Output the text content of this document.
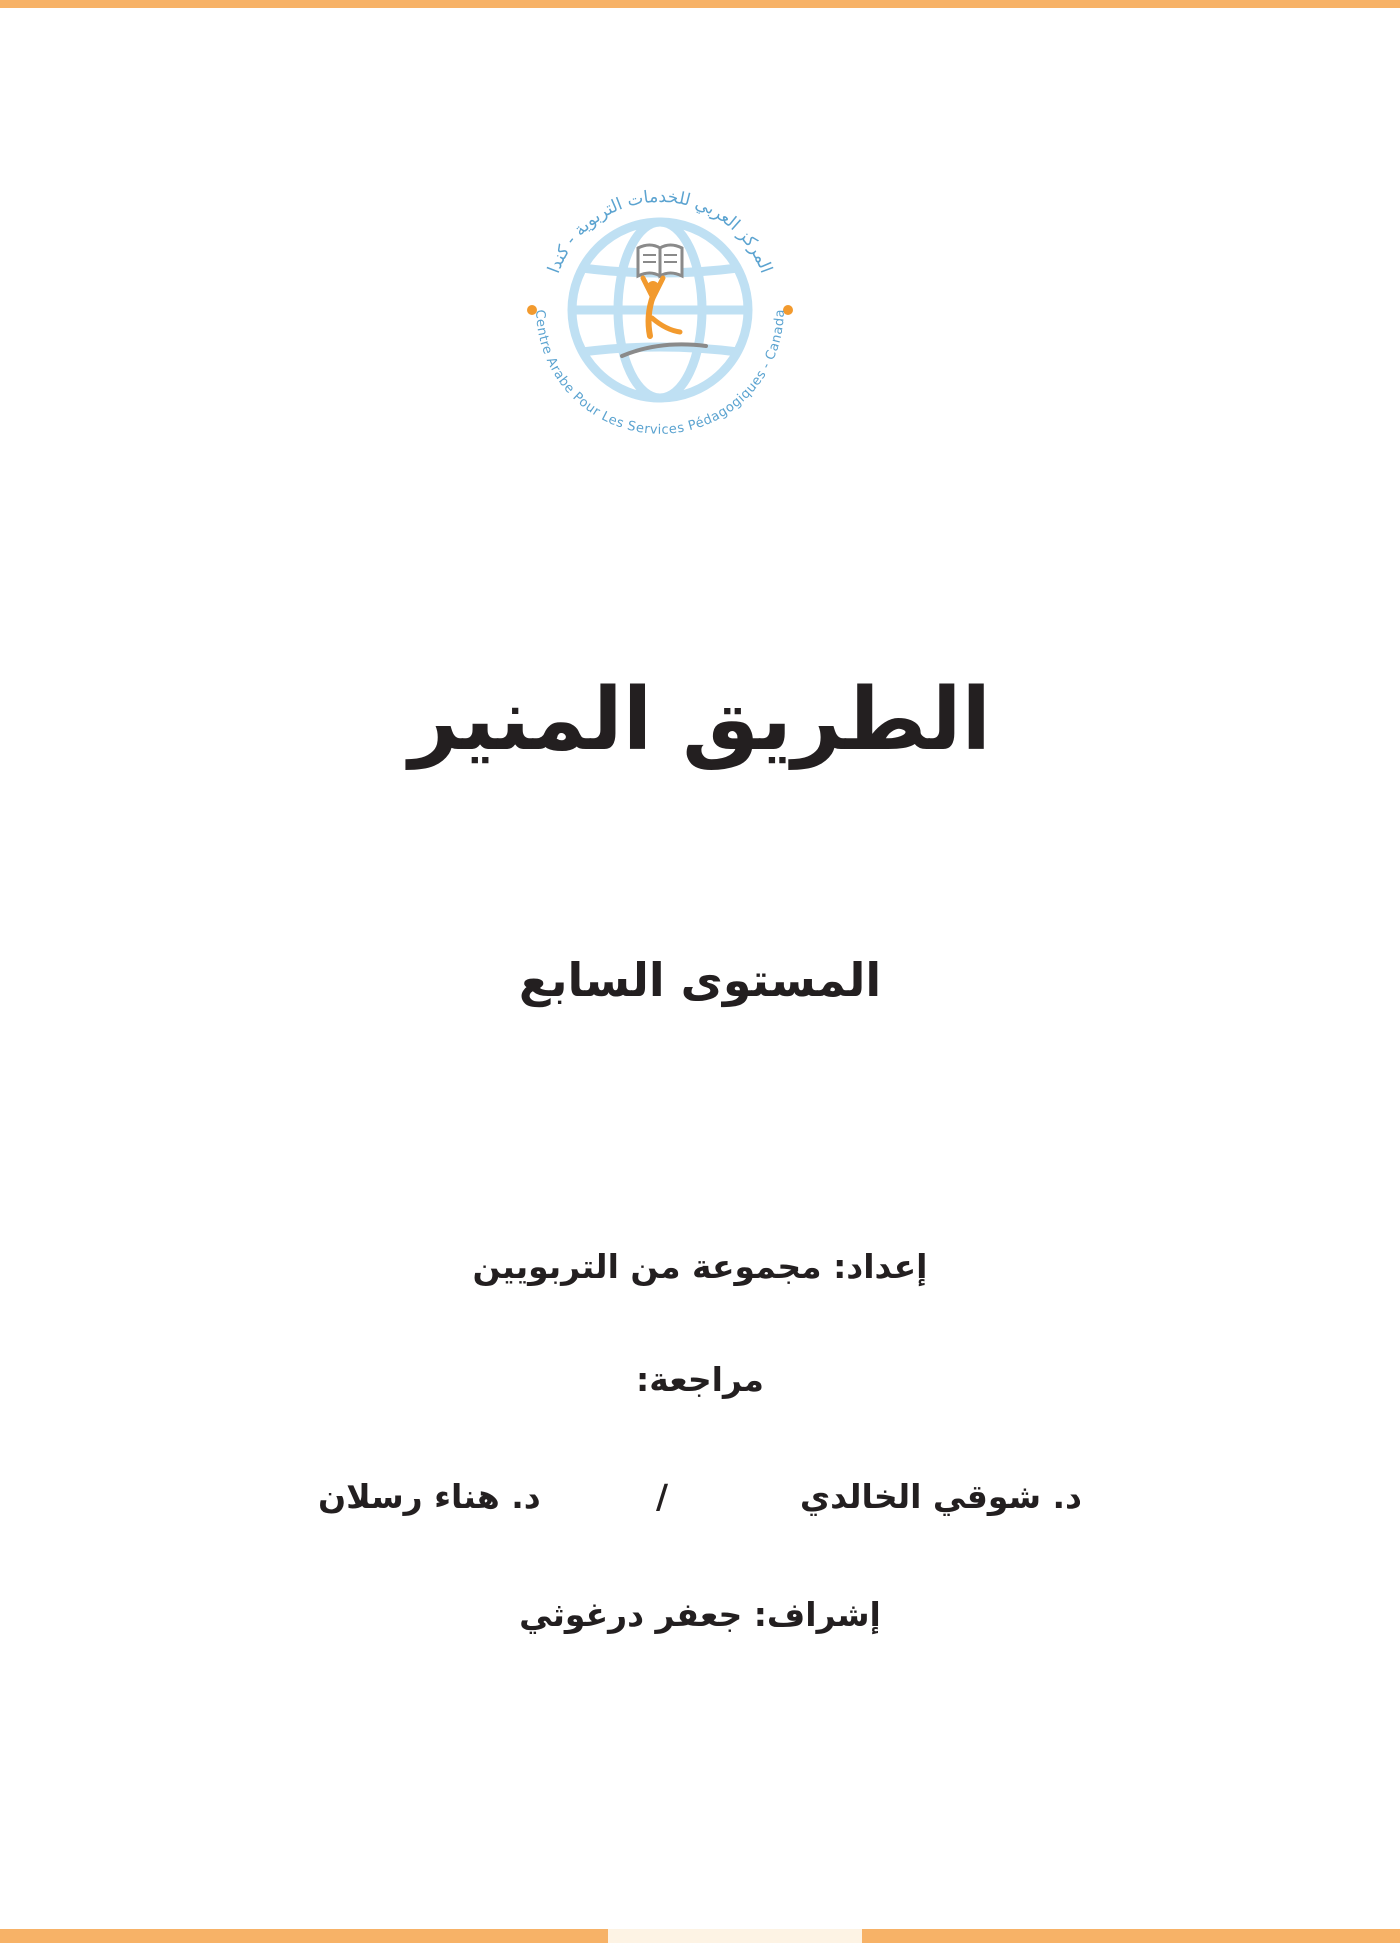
المركز العربي للخدمات التربوية - كندا
Centre Arabe Pour Les Services Pédagogiques - Canada
الطريق المنير
المستوى السابع
إعداد: مجموعة من التربويين
مراجعة:
د. شوقي الخالدي
/
د. هناء رسلان
إشراف: جعفر درغوثي
